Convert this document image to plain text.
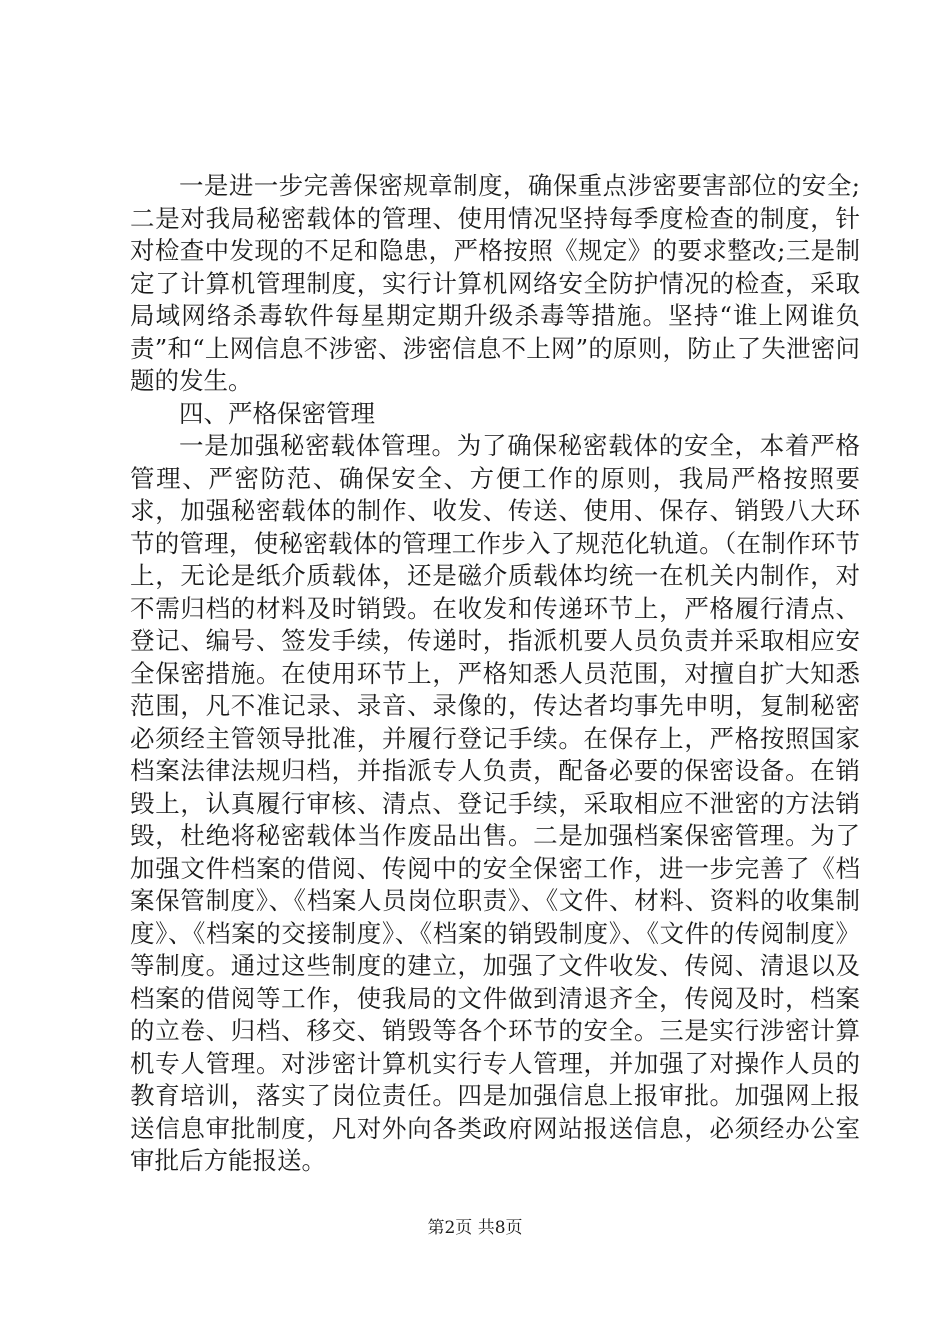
一是进一步完善保密规章制度，确保重点涉密要害部位的安全;二是对我局秘密载体的管理、使用情况坚持每季度检查的制度，针对检查中发现的不足和隐患，严格按照《规定》的要求整改;三是制定了计算机管理制度，实行计算机网络安全防护情况的检查，采取局域网络杀毒软件每星期定期升级杀毒等措施。坚持“谁上网谁负责”和“上网信息不涉密、涉密信息不上网”的原则，防止了失泄密问题的发生。

四、严格保密管理

一是加强秘密载体管理。为了确保秘密载体的安全，本着严格管理、严密防范、确保安全、方便工作的原则，我局严格按照要求，加强秘密载体的制作、收发、传送、使用、保存、销毁八大环节的管理，使秘密载体的管理工作步入了规范化轨道。（在制作环节上，无论是纸介质载体，还是磁介质载体均统一在机关内制作，对不需归档的材料及时销毁。在收发和传递环节上，严格履行清点、登记、编号、签发手续，传递时，指派机要人员负责并采取相应安全保密措施。在使用环节上，严格知悉人员范围，对擅自扩大知悉范围，凡不准记录、录音、录像的，传达者均事先申明，复制秘密必须经主管领导批准，并履行登记手续。在保存上，严格按照国家档案法律法规归档，并指派专人负责，配备必要的保密设备。在销毁上，认真履行审核、清点、登记手续，采取相应不泄密的方法销毁，杜绝将秘密载体当作废品出售。二是加强档案保密管理。为了加强文件档案的借阅、传阅中的安全保密工作，进一步完善了《档案保管制度》、《档案人员岗位职责》、《文件、材料、资料的收集制度》、《档案的交接制度》、《档案的销毁制度》、《文件的传阅制度》等制度。通过这些制度的建立，加强了文件收发、传阅、清退以及档案的借阅等工作，使我局的文件做到清退齐全，传阅及时，档案的立卷、归档、移交、销毁等各个环节的安全。三是实行涉密计算机专人管理。对涉密计算机实行专人管理，并加强了对操作人员的教育培训，落实了岗位责任。四是加强信息上报审批。加强网上报送信息审批制度，凡对外向各类政府网站报送信息，必须经办公室审批后方能报送。

第2页 共8页
